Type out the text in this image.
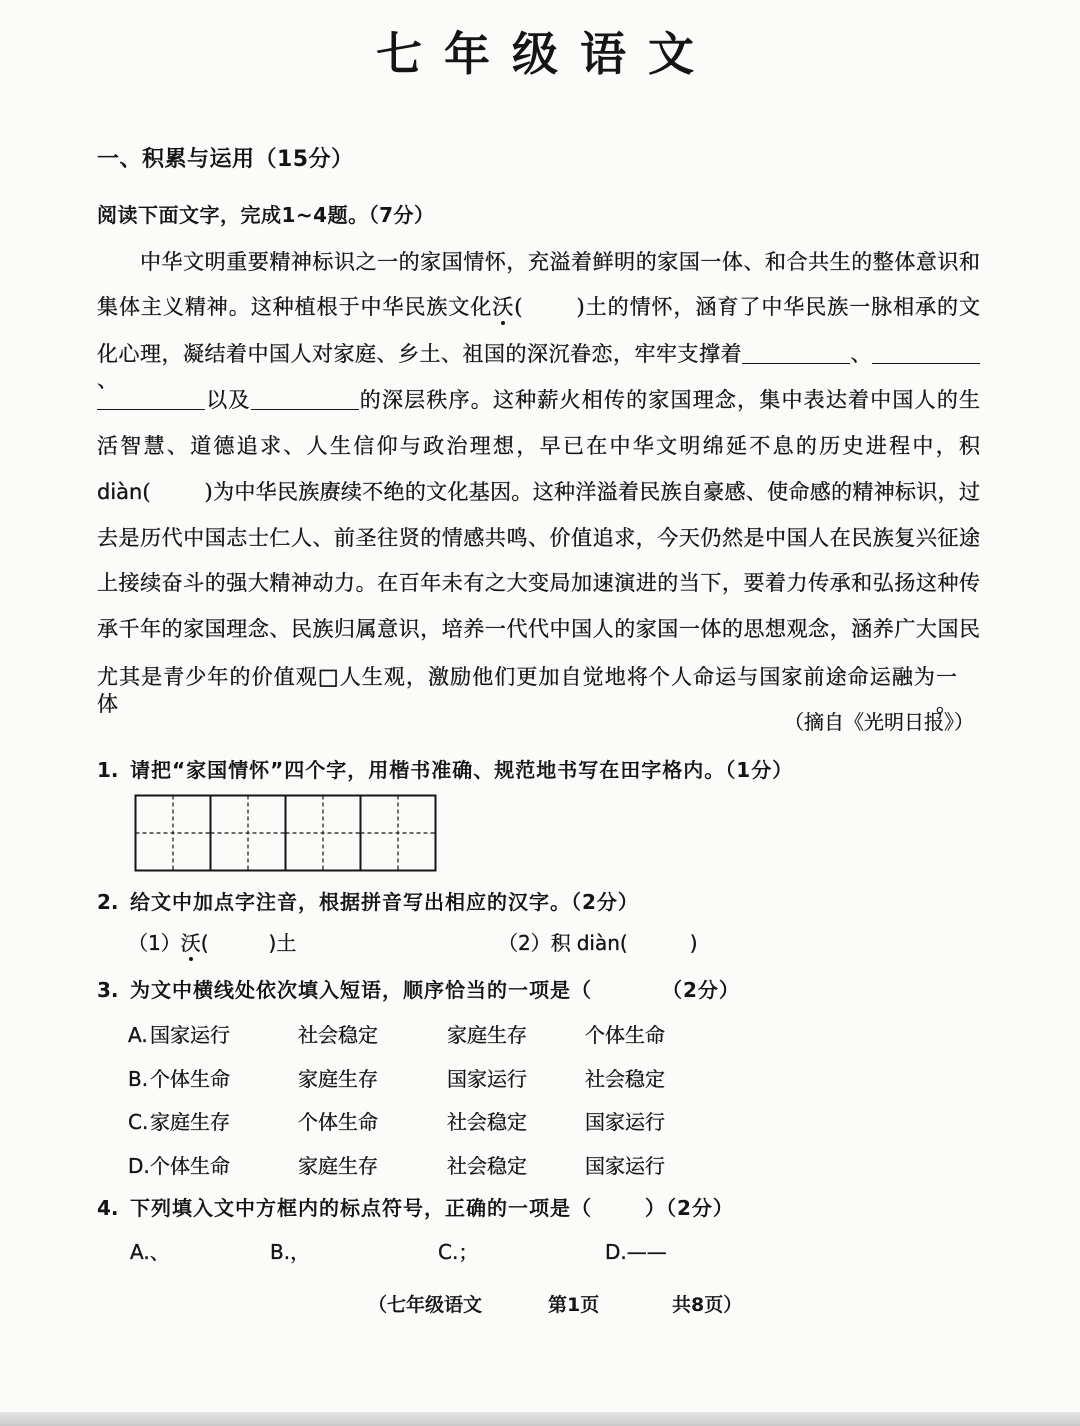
七年级语文
一、积累与运用（15分）
阅读下面文字，完成1~4题。（7分）
中华文明重要精神标识之一的家国情怀，充溢着鲜明的家国一体、和合共生的整体意识和
集体主义精神。这种植根于中华民族文化沃(	)土的情怀，涵育了中华民族一脉相承的文
化心理，凝结着中国人对家庭、乡土、祖国的深沉眷恋，牢牢支撑着	、、
以及	的深层秩序。这种薪火相传的家国理念，集中表达着中国人的生
活智慧、道德追求、人生信仰与政治理想，早已在中华文明绵延不息的历史进程中，积
diàn(	)为中华民族赓续不绝的文化基因。这种洋溢着民族自豪感、使命感的精神标识，过
去是历代中国志士仁人、前圣往贤的情感共鸣、价值追求，今天仍然是中国人在民族复兴征途
上接续奋斗的强大精神动力。在百年未有之大变局加速演进的当下，要着力传承和弘扬这种传
承千年的家国理念、民族归属意识，培养一代代中国人的家国一体的思想观念，涵养广大国民
尤其是青少年的价值观□人生观，激励他们更加自觉地将个人命运与国家前途命运融为一体。
（摘自《光明日报》）
1. 请把“家国情怀”四个字，用楷书准确、规范地书写在田字格内。（1分）
2. 给文中加点字注音，根据拼音写出相应的汉字。（2分）
（1）沃(	)土	（2）积 diàn(	)
3. 为文中横线处依次填入短语，顺序恰当的一项是（	（2分）
A. 国家运行	社会稳定	家庭生存	个体生命
B. 个体生命	家庭生存	国家运行	社会稳定
C. 家庭生存	个体生命	社会稳定	国家运行
D. 个体生命	家庭生存	社会稳定	国家运行
4. 下列填入文中方框内的标点符号，正确的一项是（	）（2分）
A.、	B.，	C.；	D.——
（七年级语文	第1页	共8页）
